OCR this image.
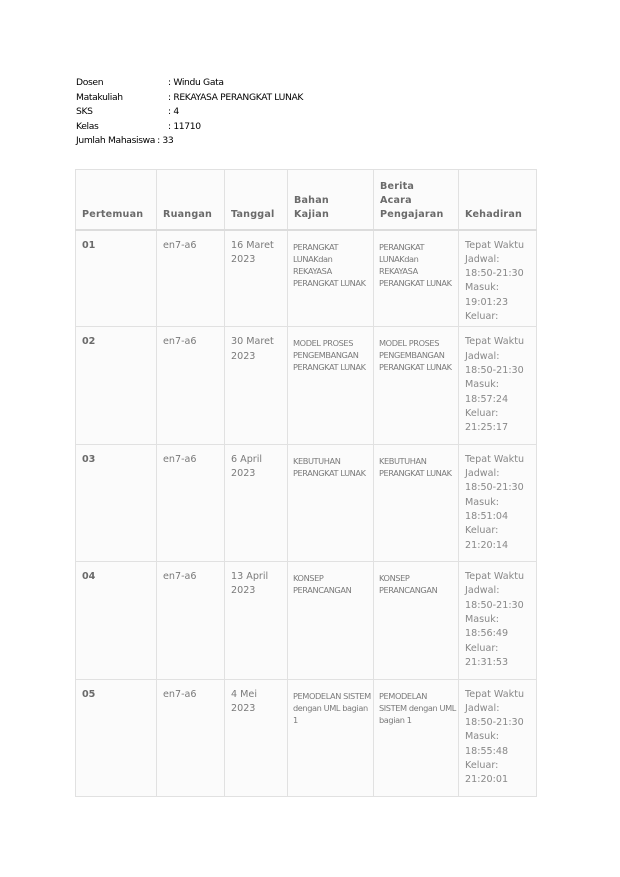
Dosen	: Windu Gata
Matakuliah	: REKAYASA PERANGKAT LUNAK
SKS	: 4
Kelas	: 11710
Jumlah Mahasiswa : 33
Pertemuan	Ruangan	Tanggal	Bahan Kajian	Berita Acara Pengajaran	Kehadiran
01	en7-a6	16 Maret 2023	PERANGKAT LUNAKdan REKAYASA PERANGKAT LUNAK	PERANGKAT LUNAKdan REKAYASA PERANGKAT LUNAK	Tepat Waktu
Jadwal: 18:50-21:30
Masuk: 19:01:23
Keluar:

02	en7-a6	30 Maret 2023	MODEL PROSES PENGEMBANGAN PERANGKAT LUNAK	MODEL PROSES PENGEMBANGAN PERANGKAT LUNAK	Tepat Waktu
Jadwal: 18:50-21:30
Masuk: 18:57:24
Keluar: 21:25:17

03	en7-a6	6 April 2023	KEBUTUHAN PERANGKAT LUNAK	KEBUTUHAN PERANGKAT LUNAK	Tepat Waktu
Jadwal: 18:50-21:30
Masuk: 18:51:04
Keluar: 21:20:14

04	en7-a6	13 April 2023	KONSEP PERANCANGAN	KONSEP PERANCANGAN	Tepat Waktu
Jadwal: 18:50-21:30
Masuk: 18:56:49
Keluar: 21:31:53

05	en7-a6	4 Mei 2023	PEMODELAN SISTEM dengan UML bagian 1	PEMODELAN SISTEM dengan UML bagian 1	Tepat Waktu
Jadwal: 18:50-21:30
Masuk: 18:55:48
Keluar: 21:20:01
